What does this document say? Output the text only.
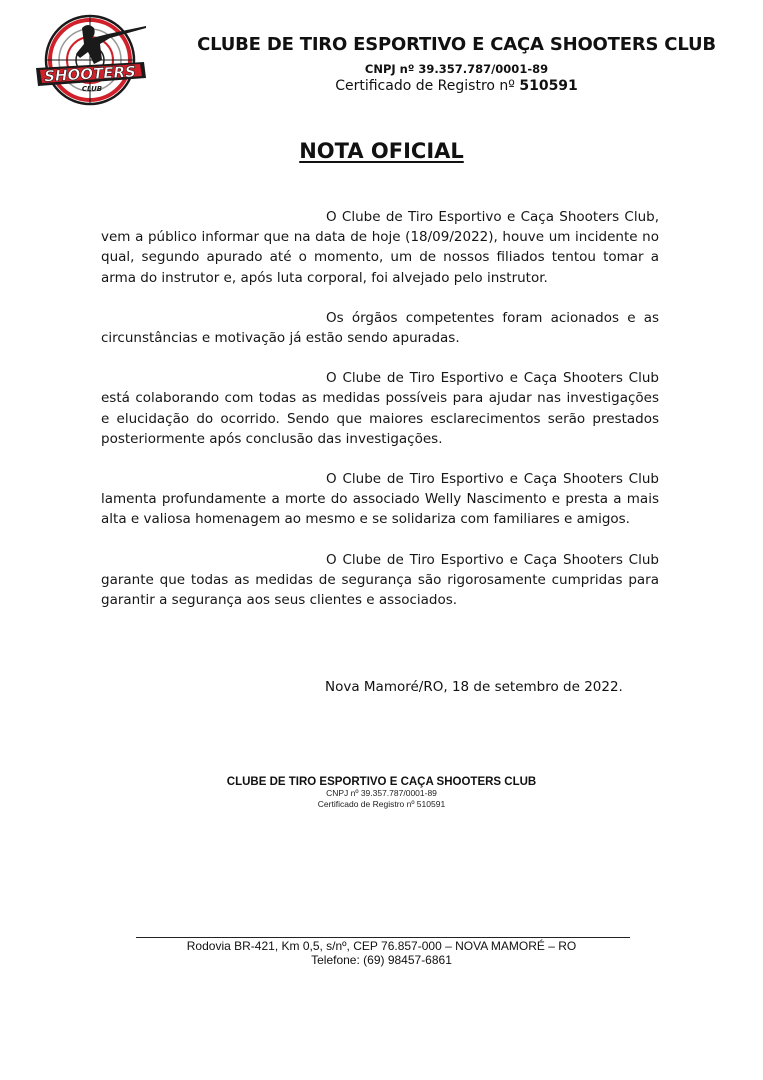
SHOOTERS
CLUB
CLUBE DE TIRO ESPORTIVO E CAÇA SHOOTERS CLUB
CNPJ nº 39.357.787/0001-89
Certificado de Registro nº 510591
NOTA OFICIAL

O Clube de Tiro Esportivo e Caça Shooters Club, vem a público informar que na data de hoje (18/09/2022), houve um incidente no qual, segundo apurado até o momento, um de nossos filiados tentou tomar a arma do instrutor e, após luta corporal, foi alvejado pelo instrutor.

Os órgãos competentes foram acionados e as circunstâncias e motivação já estão sendo apuradas.

O Clube de Tiro Esportivo e Caça Shooters Club está colaborando com todas as medidas possíveis para ajudar nas investigações e elucidação do ocorrido. Sendo que maiores esclarecimentos serão prestados posteriormente após conclusão das investigações.

O Clube de Tiro Esportivo e Caça Shooters Club lamenta profundamente a morte do associado Welly Nascimento e presta a mais alta e valiosa homenagem ao mesmo e se solidariza com familiares e amigos.

O Clube de Tiro Esportivo e Caça Shooters Club garante que todas as medidas de segurança são rigorosamente cumpridas para garantir a segurança aos seus clientes e associados.

Nova Mamoré/RO, 18 de setembro de 2022.
CLUBE DE TIRO ESPORTIVO E CAÇA SHOOTERS CLUB
CNPJ nº 39.357.787/0001-89
Certificado de Registro nº 510591
Rodovia BR-421, Km 0,5, s/nº, CEP 76.857-000 – NOVA MAMORÉ – RO
Telefone: (69) 98457-6861
